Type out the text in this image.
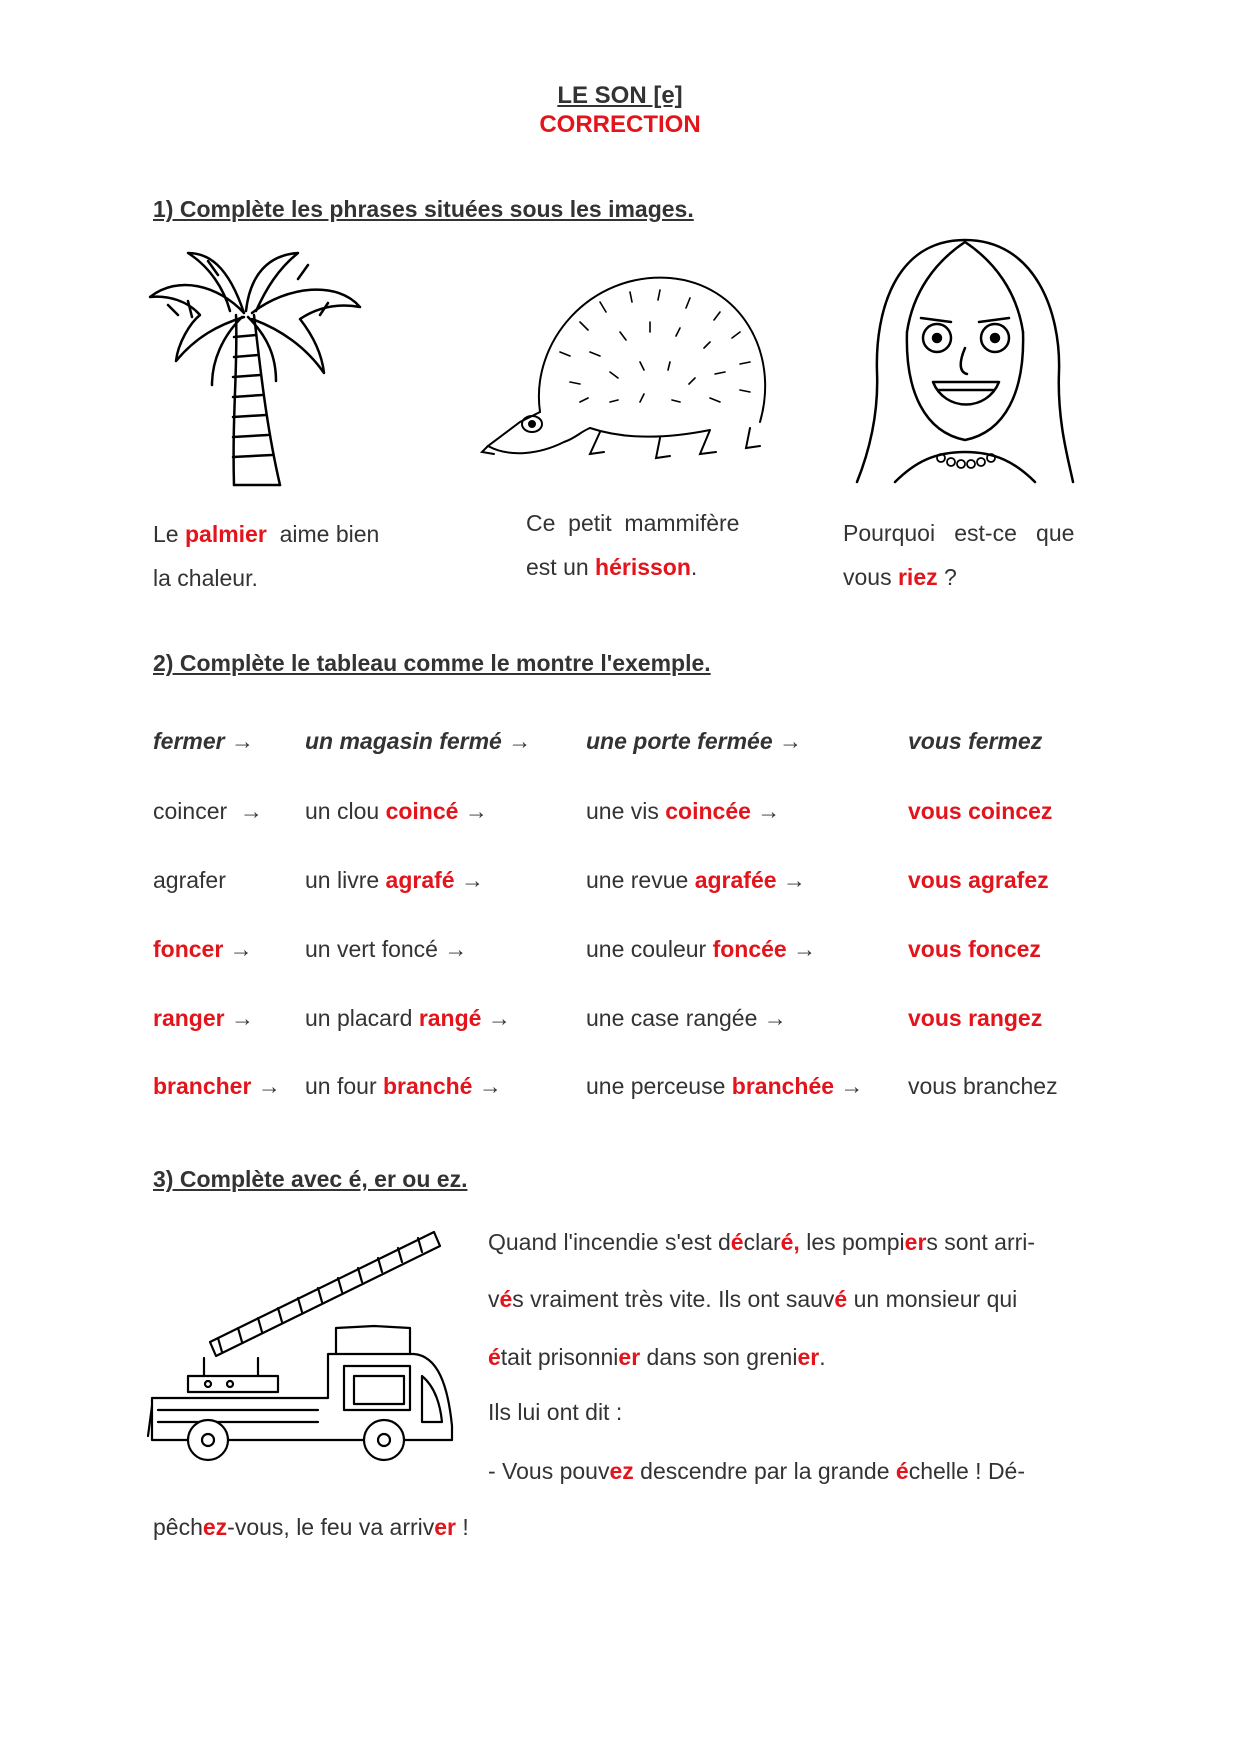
LE SON [e]
CORRECTION
1) Complète les phrases situées sous les images.
Le palmier  aime bien
la chaleur.
Ce  petit  mammifère
est un hérisson.
Pourquoi   est-ce   que
vous riez ?
2) Complète le tableau comme le montre l'exemple.
fermer → un magasin fermé → une porte fermée →	vous fermez
coincer  → un clou coincé →	une vis coincée →	vous coincez
agrafer	un livre agrafé →	une revue agrafée →	vous agrafez
foncer → un vert foncé →	une couleur foncée →	vous foncez
ranger → un placard rangé →	une case rangée →	vous rangez
brancher → un four branché →	une perceuse branchée → vous branchez
3) Complète avec é, er ou ez.
Quand l'incendie s'est déclaré, les pompiers sont arri-
vés vraiment très vite. Ils ont sauvé un monsieur qui
était prisonnier dans son grenier.
Ils lui ont dit :
- Vous pouvez descendre par la grande échelle ! Dé-
pêchez-vous, le feu va arriver !
